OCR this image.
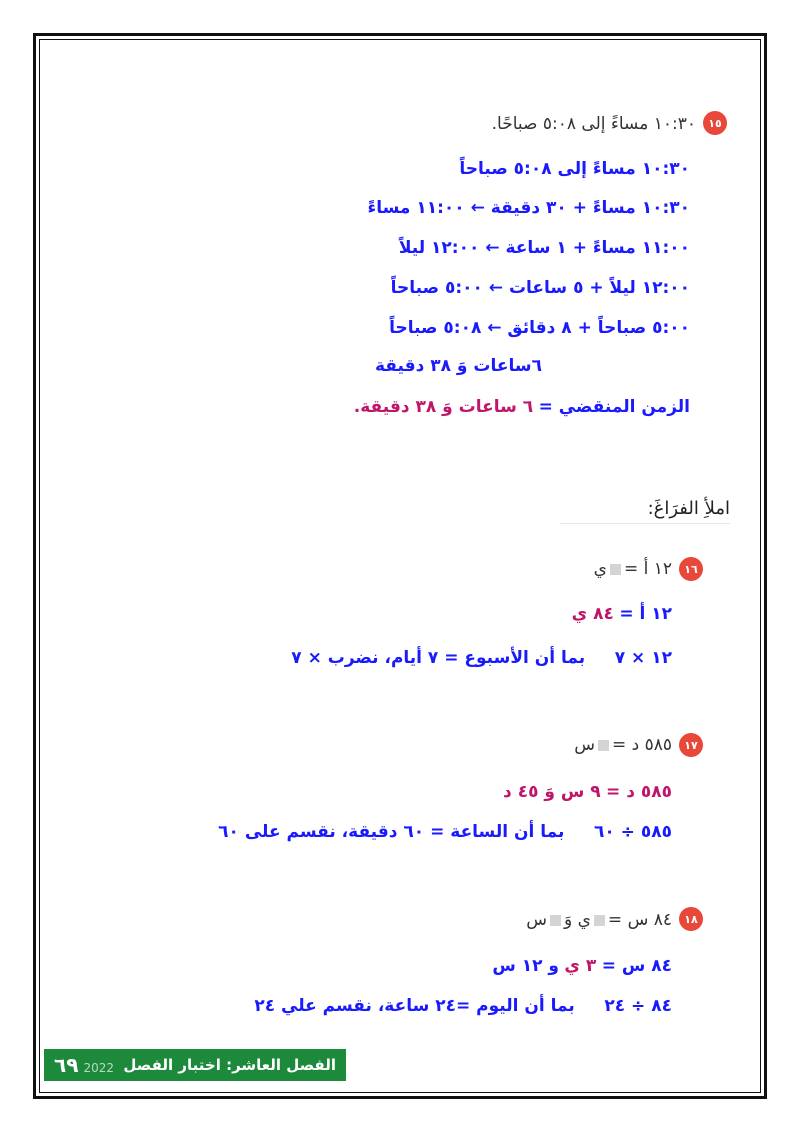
١٥
١٠:٣٠ مساءً إلى ٥:٠٨ صباحًا.
١٠:٣٠ مساءً إلى ٥:٠٨ صباحاً
١٠:٣٠ مساءً + ٣٠ دقيقة ← ١١:٠٠ مساءً
١١:٠٠ مساءً + ١ ساعة ← ١٢:٠٠ ليلاً
١٢:٠٠ ليلاً + ٥ ساعات ← ٥:٠٠ صباحاً
٥:٠٠ صباحاً + ٨ دقائق ← ٥:٠٨ صباحاً
٦ساعات وَ ٣٨ دقيقة
الزمن المنقضي = ٦ ساعات وَ ٣٨ دقيقة.
املأِ الفرَاغَ:
١٦
١٢ أ =ي
١٢ أ = ٨٤ ي
١٢ × ٧     بما أن الأسبوع = ٧ أيام، نضرب × ٧
١٧
٥٨٥ د =س
٥٨٥ د = ٩ س وَ ٤٥ د
٥٨٥ ÷ ٦٠     بما أن الساعة = ٦٠ دقيقة، نقسم على ٦٠
١٨
٨٤ س =ي وَس
٨٤ س = ٣ ي و ١٢ س
٨٤ ÷ ٢٤     بما أن اليوم =٢٤ ساعة، نقسم علي ٢٤
الفصل العاشر: اختبار الفصل
2022 ٦٩
